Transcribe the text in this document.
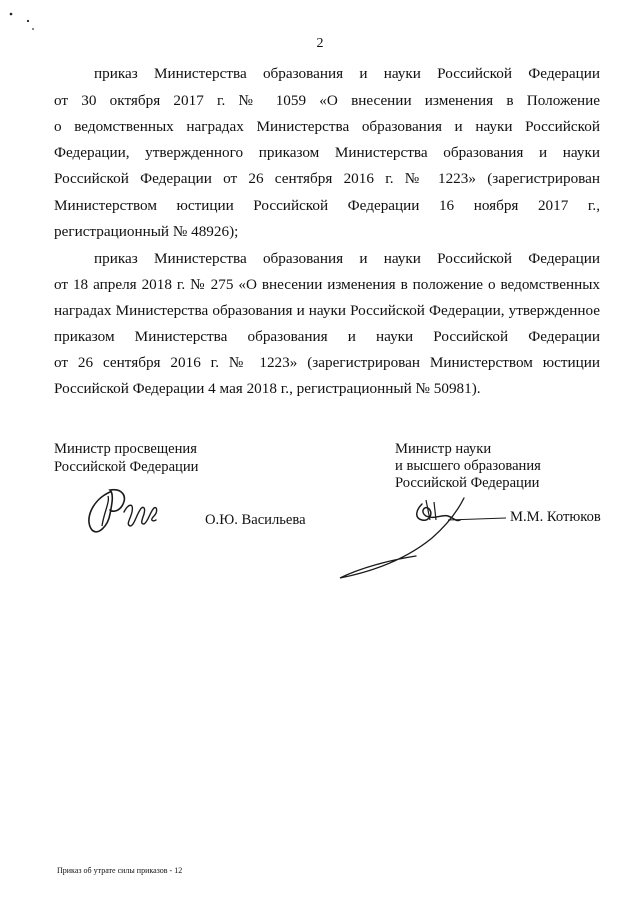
2
приказ Министерства образования и науки Российской Федерации
от 30 октября 2017 г. № 1059 «О внесении изменения в Положение
о ведомственных наградах Министерства образования и науки Российской
Федерации, утвержденного приказом Министерства образования и науки
Российской Федерации от 26 сентября 2016 г. № 1223» (зарегистрирован
Министерством юстиции Российской Федерации 16 ноября 2017 г.,
регистрационный № 48926);
приказ Министерства образования и науки Российской Федерации
от 18 апреля 2018 г. № 275 «О внесении изменения в положение о ведомственных
наградах Министерства образования и науки Российской Федерации, утвержденное
приказом Министерства образования и науки Российской Федерации
от 26 сентября 2016 г. № 1223» (зарегистрирован Министерством юстиции
Российской Федерации 4 мая 2018 г., регистрационный № 50981).
Министр просвещения
Российской Федерации
О.Ю. Васильева
Министр науки
и высшего образования
Российской Федерации
М.М. Котюков
Приказ об утрате силы приказов - 12
